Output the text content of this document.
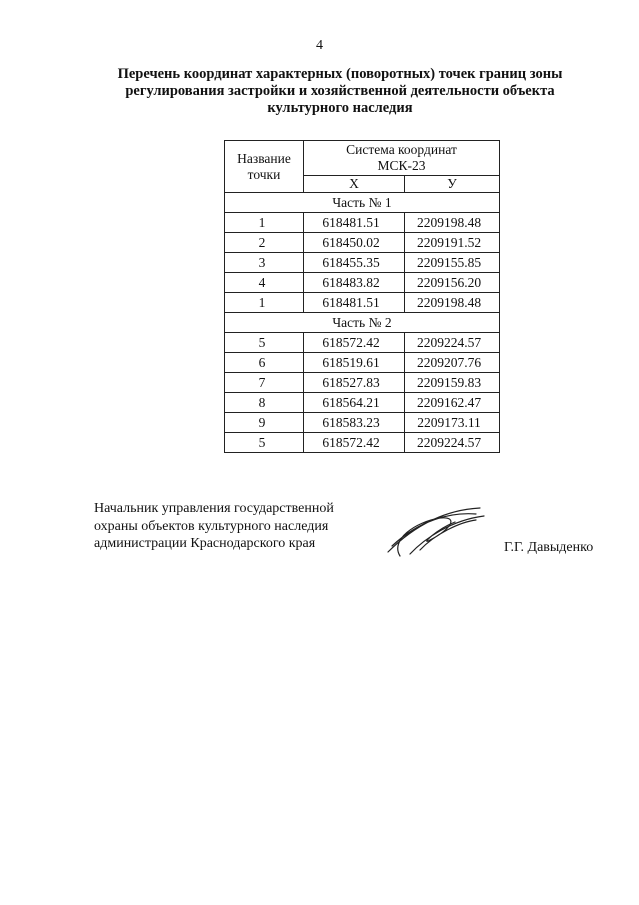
4
Перечень координат характерных (поворотных) точек границ зоны
регулирования застройки и хозяйственной деятельности объекта
культурного наследия
Название
точки	Система координат
МСК-23	
	Х	У
Часть № 1		
1	618481.51	2209198.48
2	618450.02	2209191.52
3	618455.35	2209155.85
4	618483.82	2209156.20
1	618481.51	2209198.48
Часть № 2		
5	618572.42	2209224.57
6	618519.61	2209207.76
7	618527.83	2209159.83
8	618564.21	2209162.47
9	618583.23	2209173.11
5	618572.42	2209224.57
Начальник управления государственной
охраны объектов культурного наследия
администрации Краснодарского края	Г.Г. Давыденко
